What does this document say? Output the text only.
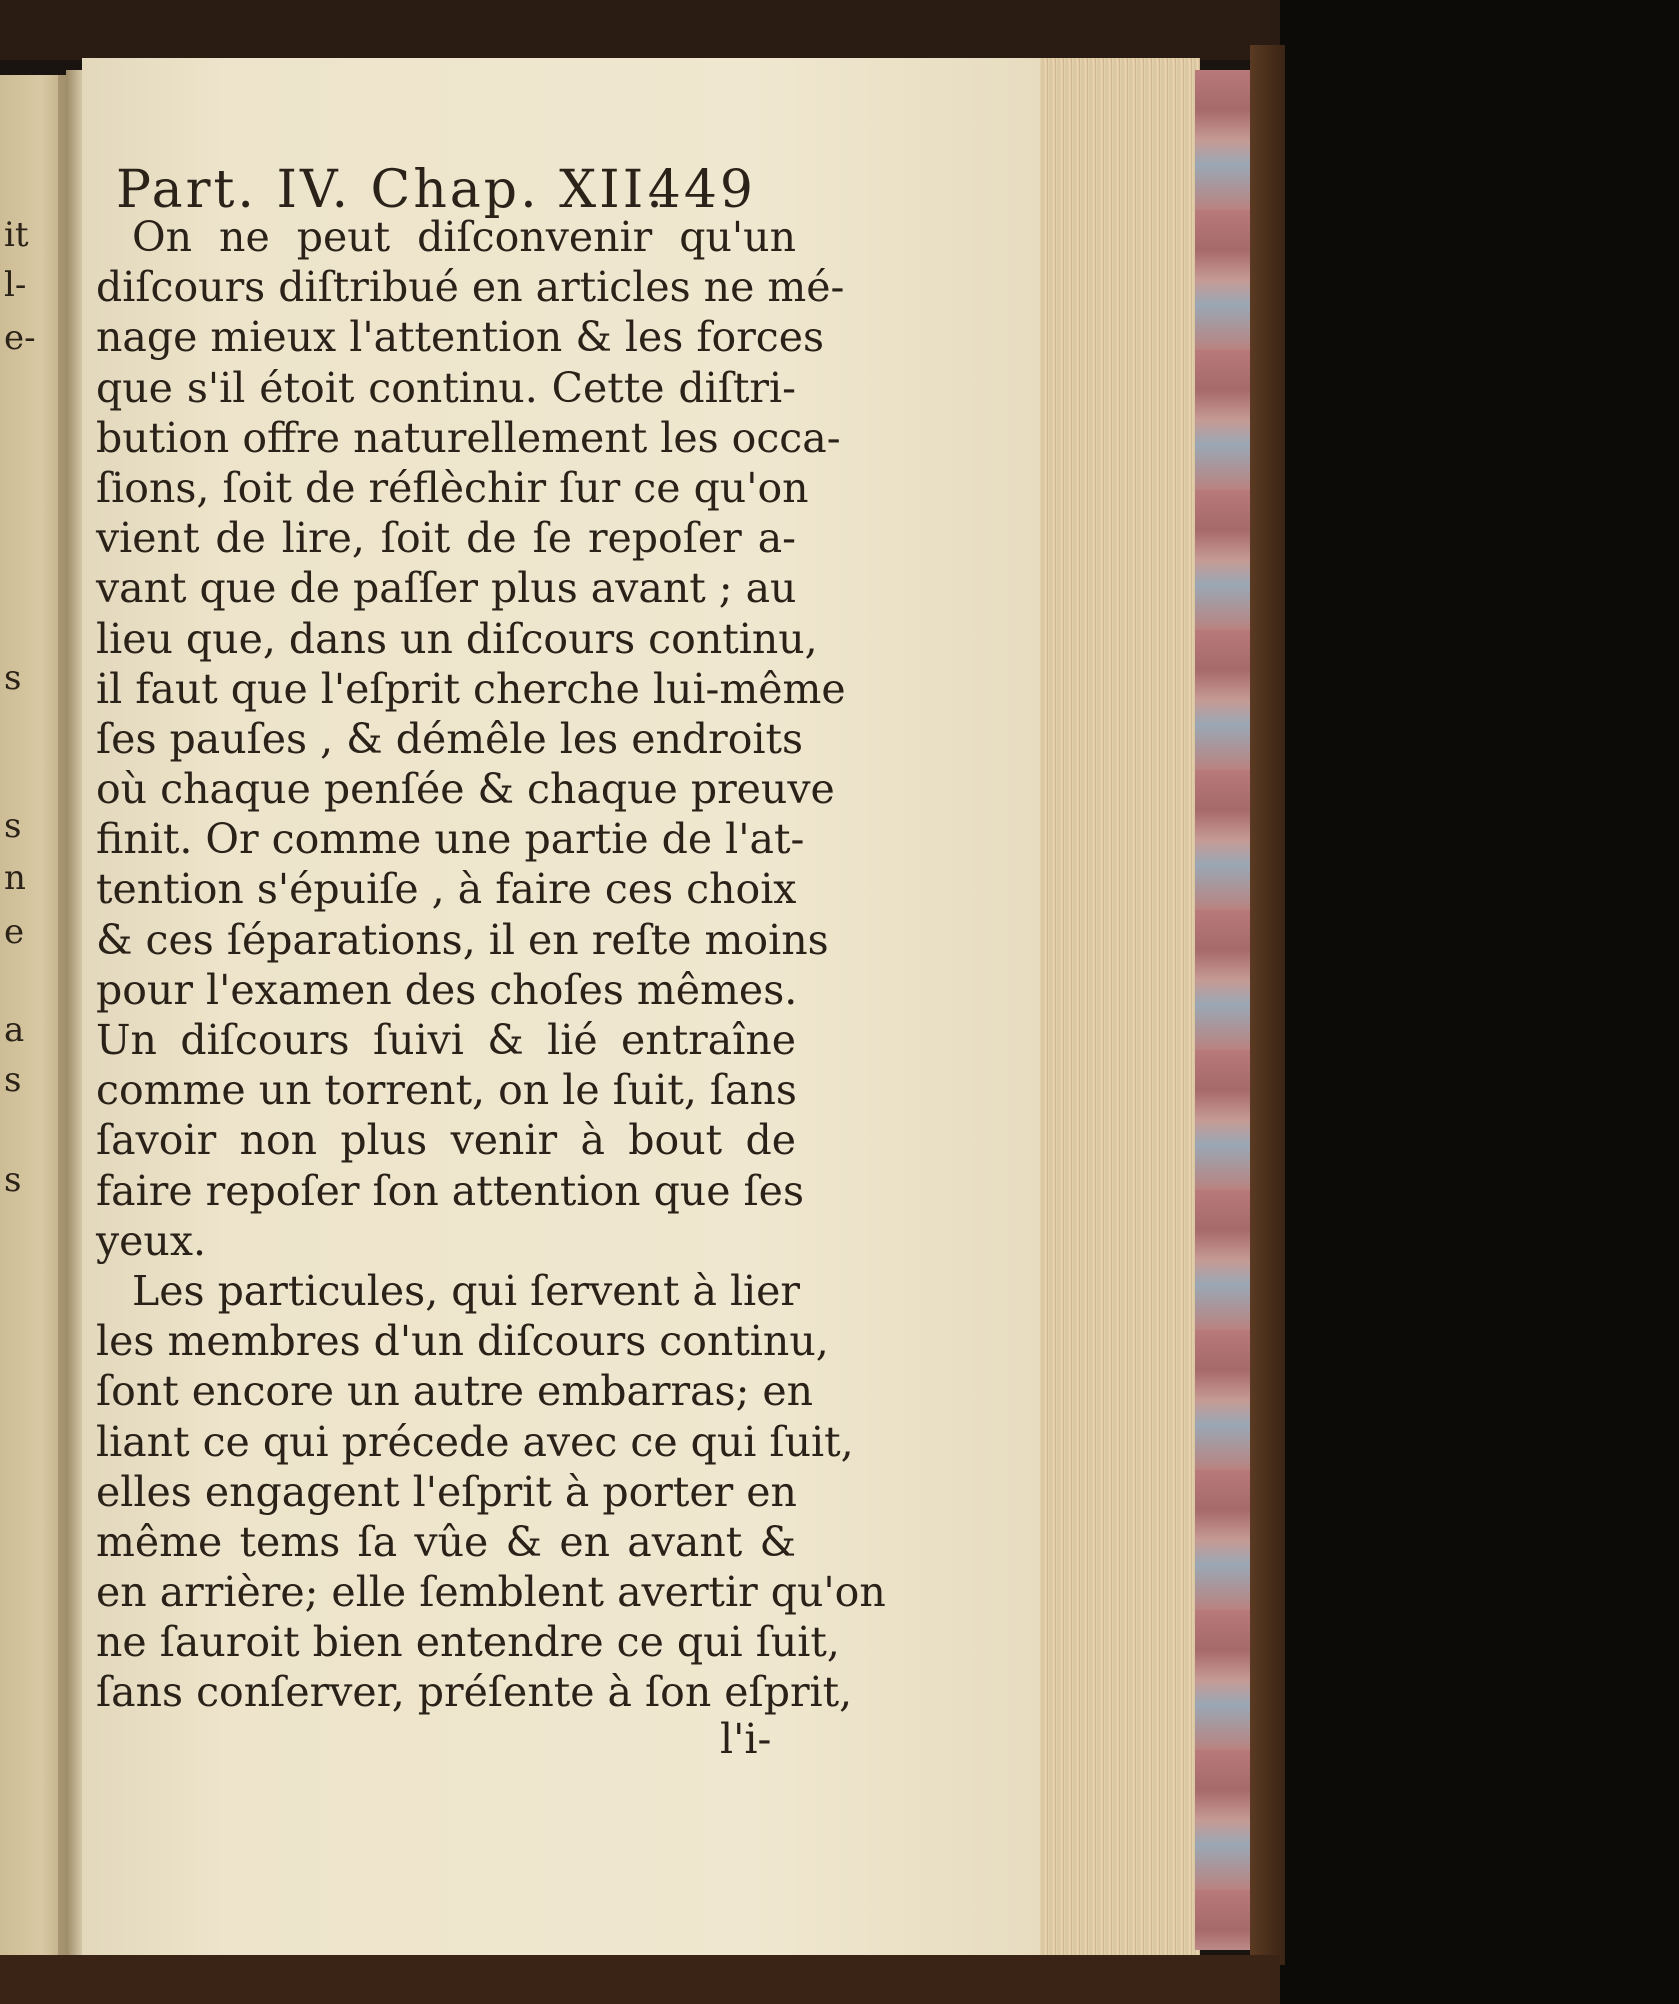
it
l-
e-
s
s
n
e
a
s
s
Part. IV. Chap. XII.
449
On ne peut diſconvenir qu'un
diſcours diſtribué en articles ne mé-
nage mieux l'attention & les forces
que s'il étoit continu. Cette diſtri-
bution offre naturellement les occa-
ſions, ſoit de réflèchir ſur ce qu'on
vient de lire, ſoit de ſe repoſer a-
vant que de paſſer plus avant ; au
lieu que, dans un diſcours continu,
il faut que l'eſprit cherche lui-même
ſes pauſes , & démêle les endroits
où chaque penſée & chaque preuve
finit. Or comme une partie de l'at-
tention s'épuiſe , à faire ces choix
& ces ſéparations, il en reſte moins
pour l'examen des choſes mêmes.
Un diſcours ſuivi & lié entraîne
comme un torrent, on le ſuit, ſans
ſavoir non plus venir à bout de
faire repoſer ſon attention que ſes
yeux.
Les particules, qui ſervent à lier
les membres d'un diſcours continu,
ſont encore un autre embarras; en
liant ce qui précede avec ce qui ſuit,
elles engagent l'eſprit à porter en
même tems ſa vûe & en avant &
en arrière; elle ſemblent avertir qu'on
ne ſauroit bien entendre ce qui ſuit,
ſans conſerver, préſente à ſon eſprit,
l'i-
